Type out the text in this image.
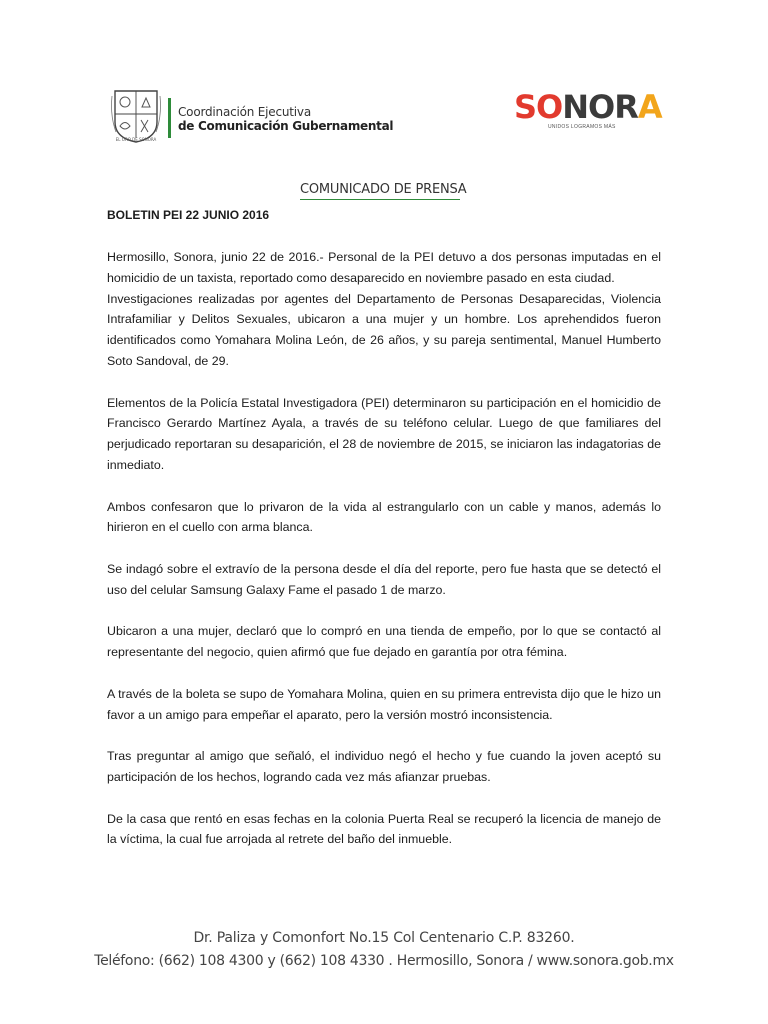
EL ORO DE SONORA
Coordinación Ejecutiva
de Comunicación Gubernamental	SONORA
UNIDOS LOGRAMOS MÁS
COMUNICADO DE PRENSA
BOLETIN PEI 22 JUNIO 2016

Hermosillo, Sonora, junio 22 de 2016.- Personal de la PEI detuvo a dos personas imputadas en el homicidio de un taxista, reportado como desaparecido en noviembre pasado en esta ciudad.

Investigaciones realizadas por agentes del Departamento de Personas Desaparecidas, Violencia Intrafamiliar y Delitos Sexuales, ubicaron a una mujer y un hombre. Los aprehendidos fueron identificados como Yomahara Molina León, de 26 años, y su pareja sentimental, Manuel Humberto Soto Sandoval, de 29.

Elementos de la Policía Estatal Investigadora (PEI) determinaron su participación en el homicidio de Francisco Gerardo Martínez Ayala, a través de su teléfono celular. Luego de que familiares del perjudicado reportaran su desaparición, el 28 de noviembre de 2015, se iniciaron las indagatorias de inmediato.

Ambos confesaron que lo privaron de la vida al estrangularlo con un cable y manos, además lo hirieron en el cuello con arma blanca.

Se indagó sobre el extravío de la persona desde el día del reporte, pero fue hasta que se detectó el uso del celular Samsung Galaxy Fame el pasado 1 de marzo.

Ubicaron a una mujer, declaró que lo compró en una tienda de empeño, por lo que se contactó al representante del negocio, quien afirmó que fue dejado en garantía por otra fémina.

A través de la boleta se supo de Yomahara Molina, quien en su primera entrevista dijo que le hizo un favor a un amigo para empeñar el aparato, pero la versión mostró inconsistencia.

Tras preguntar al amigo que señaló, el individuo negó el hecho y fue cuando la joven aceptó su participación de los hechos, logrando cada vez más afianzar pruebas.

De la casa que rentó en esas fechas en la colonia Puerta Real se recuperó la licencia de manejo de la víctima, la cual fue arrojada al retrete del baño del inmueble.

Dr. Paliza y Comonfort No.15 Col Centenario C.P. 83260.
Teléfono: (662) 108 4300 y (662) 108 4330 . Hermosillo, Sonora / www.sonora.gob.mx
